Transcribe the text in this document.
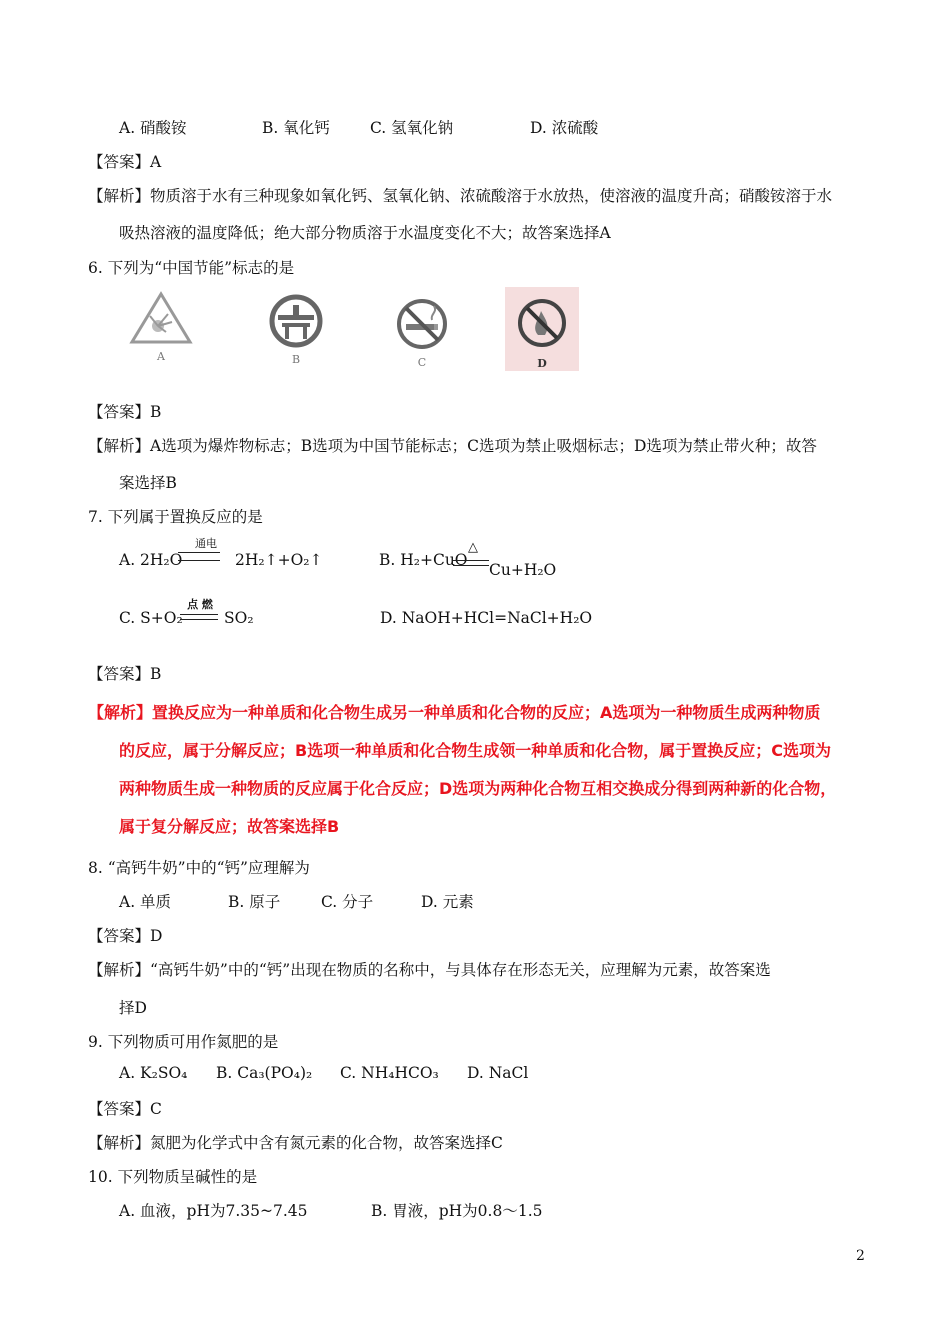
A. 硝酸铵	B. 氧化钙	C. 氢氧化钠	D. 浓硫酸
【答案】A
【解析】物质溶于水有三种现象如氧化钙、氢氧化钠、浓硫酸溶于水放热，使溶液的温度升高；硝酸铵溶于水
吸热溶液的温度降低；绝大部分物质溶于水温度变化不大；故答案选择A
6. 下列为“中国节能”标志的是
A	B	C	D
【答案】B
【解析】A选项为爆炸物标志；B选项为中国节能标志；C选项为禁止吸烟标志；D选项为禁止带火种；故答
案选择B
7. 下列属于置换反应的是
A. 2H₂O
通电
2H₂↑+O₂↑	B. H₂+CuO
△
Cu+H₂O
C. S+O₂
点 燃
SO₂	D. NaOH+HCl=NaCl+H₂O
【答案】B
【解析】置换反应为一种单质和化合物生成另一种单质和化合物的反应；A选项为一种物质生成两种物质
的反应，属于分解反应；B选项一种单质和化合物生成领一种单质和化合物，属于置换反应；C选项为
两种物质生成一种物质的反应属于化合反应；D选项为两种化合物互相交换成分得到两种新的化合物，
属于复分解反应；故答案选择B
8. “高钙牛奶”中的“钙”应理解为
A. 单质	B. 原子	C. 分子	D. 元素
【答案】D
【解析】“高钙牛奶”中的“钙”出现在物质的名称中，与具体存在形态无关，应理解为元素，故答案选
择D
9. 下列物质可用作氮肥的是
A. K₂SO₄ B. Ca₃(PO₄)₂ C. NH₄HCO₃ D. NaCl
【答案】C
【解析】氮肥为化学式中含有氮元素的化合物，故答案选择C
10. 下列物质呈碱性的是
A. 血液，pH为7.35~7.45	B. 胃液，pH为0.8～1.5
2
